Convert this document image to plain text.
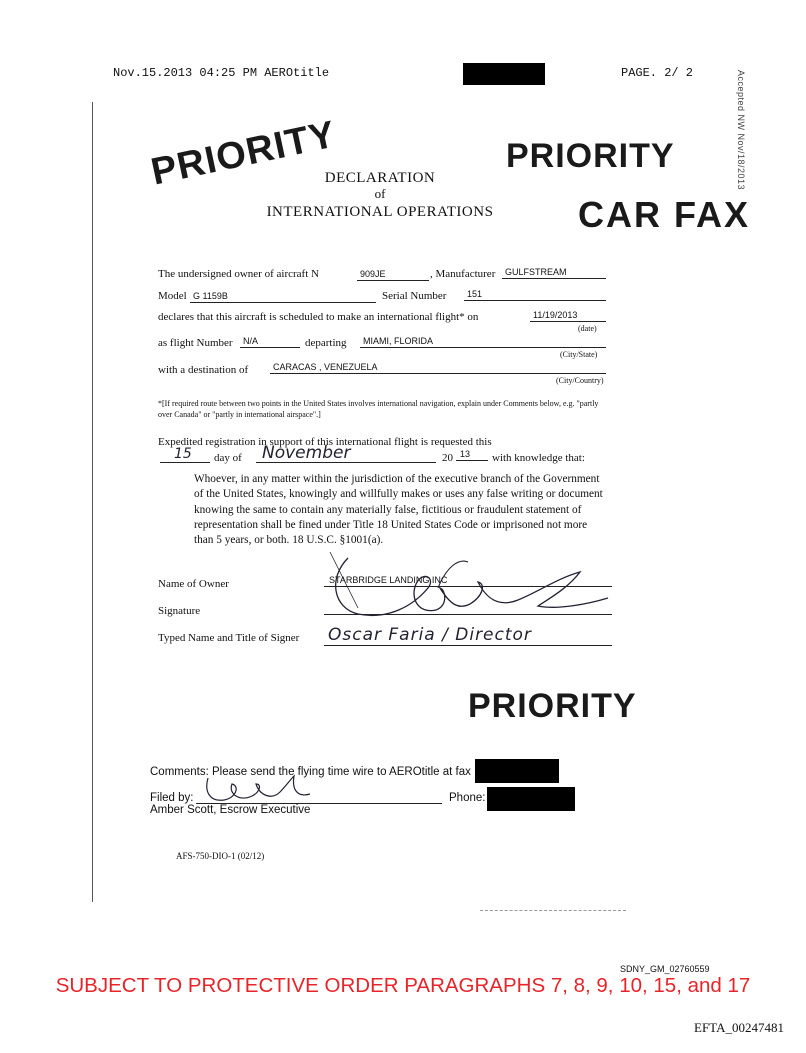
Nov.15.2013 04:25 PM AEROtitle	PAGE. 2/ 2	Accepted NW Nov/18/2013
PRIORITY	PRIORITY
CAR FAX
DECLARATION
of
INTERNATIONAL OPERATIONS
The undersigned owner of aircraft N	909JE	, Manufacturer GULFSTREAM
Model G 1159B	Serial Number 151
declares that this aircraft is scheduled to make an international flight* on	11/19/2013
(date)
as flight Number N/A	departing MIAMI, FLORIDA
(City/State)
with a destination of	CARACAS , VENEZUELA
(City/Country)
*[If required route between two points in the United States involves international navigation, explain under Comments below, e.g. "partly over Canada" or "partly in international airspace".]
Expedited registration in support of this international flight is requested this
15 day of November	20 13 with knowledge that:
Whoever, in any matter within the jurisdiction of the executive branch of the Government of the United States, knowingly and willfully makes or uses any false writing or document knowing the same to contain any materially false, fictitious or fraudulent statement of representation shall be fined under Title 18 United States Code or imprisoned not more than 5 years, or both. 18 U.S.C. §1001(a).
Name of Owner	STARBRIDGE LANDING INC
Signature
Typed Name and Title of Signer Oscar Faria / Director
PRIORITY
Comments: Please send the flying time wire to AEROtitle at fax
Filed by:	Phone:
Amber Scott, Escrow Executive
AFS-750-DIO-1 (02/12)
SDNY_GM_02760559
SUBJECT TO PROTECTIVE ORDER PARAGRAPHS 7, 8, 9, 10, 15, and 17
EFTA_00247481
